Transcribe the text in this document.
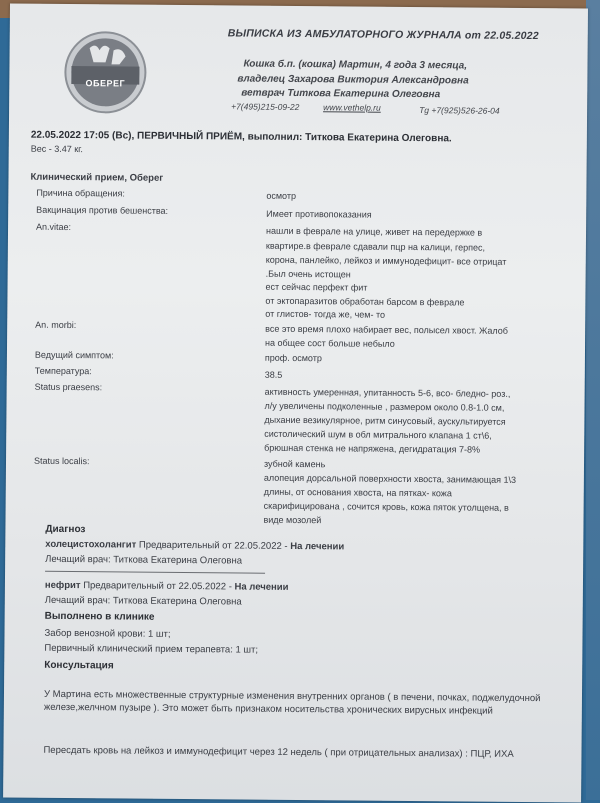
ОБЕРЕГ
ВЫПИСКА ИЗ АМБУЛАТОРНОГО ЖУРНАЛА от 22.05.2022
Кошка б.п. (кошка) Мартин, 4 года 3 месяца,
владелец Захарова Виктория Александровна
ветврач Титкова Екатерина Олеговна
+7(495)215-09-22	www.vethelp.ru	Tg +7(925)526-26-04
22.05.2022 17:05 (Вс), ПЕРВИЧНЫЙ ПРИЁМ, выполнил: Титкова Екатерина Олеговна.
Вес - 3.47 кг.
Клинический прием, Оберег
Причина обращения:	осмотр
Вакцинация против бешенства:	Имеет противопоказания
An.vitae:	нашли в феврале на улице, живет на передержке в
квартире.в феврале сдавали пцр на калици, герпес,
корона, панлейко, лейкоз и иммунодефицит- все отрицат
.Был очень истощен
ест сейчас перфект фит
от эктопаразитов обработан барсом в феврале
от глистов- тогда же, чем- то
An. morbi:	все это время плохо набирает вес, полысел хвост. Жалоб
на общее сост больше небыло
Ведущий симптом:	проф. осмотр
Температура:	38.5
Status praesens:	активность умеренная, упитанность 5-6, всо- бледно- роз.,
л/у увеличены подколенные , размером около 0.8-1.0 см,
дыхание везикулярное, ритм синусовый, аускультируется
систолический шум в обл митрального клапана 1 ст\6,
брюшная стенка не напряжена, дегидратация 7-8%
Status localis:	зубной камень
алопеция дорсальной поверхности хвоста, занимающая 1\3
длины, от основания хвоста, на пятках- кожа
скарифицирована , сочится кровь, кожа пяток утолщена, в
виде мозолей
Диагноз
холецистохолангит Предварительный от 22.05.2022 - На лечении
Лечащий врач: Титкова Екатерина Олеговна
нефрит Предварительный от 22.05.2022 - На лечении
Лечащий врач: Титкова Екатерина Олеговна
Выполнено в клинике
Забор венозной крови: 1 шт;
Первичный клинический прием терапевта: 1 шт;
Консультация
У Мартина есть множественные структурные изменения внутренних органов ( в печени, почках, поджелудочной железе,желчном пузыре ). Это может быть признаком носительства хронических вирусных инфекций
Пересдать кровь на лейкоз и иммунодефицит через 12 недель ( при отрицательных анализах) : ПЦР, ИХА
